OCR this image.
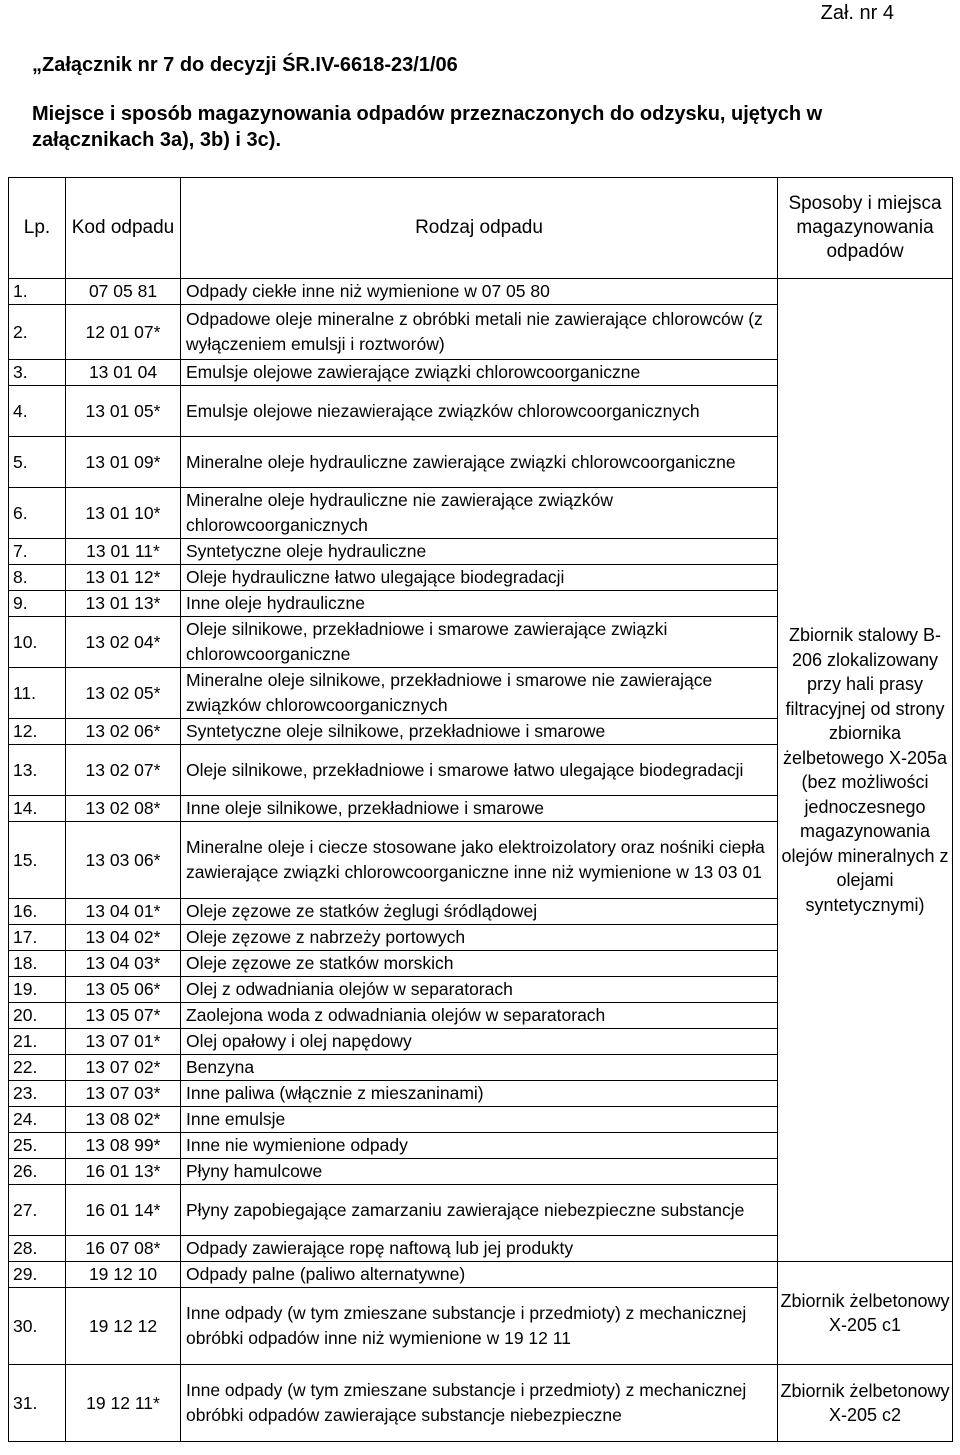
Zał. nr 4
„Załącznik nr 7 do decyzji ŚR.IV-6618-23/1/06
Miejsce i sposób magazynowania odpadów przeznaczonych do odzysku, ujętych w załącznikach 3a), 3b) i 3c).
Lp.	Kod odpadu	Rodzaj odpadu	Sposoby i miejsca magazynowania odpadów
1.	07 05 81	Odpady ciekłe inne niż wymienione w 07 05 80	Zbiornik stalowy B-206 zlokalizowany przy hali prasy filtracyjnej od strony zbiornika żelbetowego X-205a (bez możliwości jednoczesnego magazynowania olejów mineralnych z olejami syntetycznymi)
2.	12 01 07*	Odpadowe oleje mineralne z obróbki metali nie zawierające chlorowców (z wyłączeniem emulsji i roztworów)	
3.	13 01 04	Emulsje olejowe zawierające związki chlorowcoorganiczne	
4.	13 01 05*	Emulsje olejowe niezawierające związków chlorowcoorganicznych	
5.	13 01 09*	Mineralne oleje hydrauliczne zawierające związki chlorowcoorganiczne	
6.	13 01 10*	Mineralne oleje hydrauliczne nie zawierające związków chlorowcoorganicznych	
7.	13 01 11*	Syntetyczne oleje hydrauliczne	
8.	13 01 12*	Oleje hydrauliczne łatwo ulegające biodegradacji	
9.	13 01 13*	Inne oleje hydrauliczne	
10.	13 02 04*	Oleje silnikowe, przekładniowe i smarowe zawierające związki chlorowcoorganiczne	
11.	13 02 05*	Mineralne oleje silnikowe, przekładniowe i smarowe nie zawierające związków chlorowcoorganicznych	
12.	13 02 06*	Syntetyczne oleje silnikowe, przekładniowe i smarowe	
13.	13 02 07*	Oleje silnikowe, przekładniowe i smarowe łatwo ulegające biodegradacji	
14.	13 02 08*	Inne oleje silnikowe, przekładniowe i smarowe	
15.	13 03 06*	Mineralne oleje i ciecze stosowane jako elektroizolatory oraz nośniki ciepła zawierające związki chlorowcoorganiczne inne niż wymienione w 13 03 01	
16.	13 04 01*	Oleje zęzowe ze statków żeglugi śródlądowej	
17.	13 04 02*	Oleje zęzowe z nabrzeży portowych	
18.	13 04 03*	Oleje zęzowe ze statków morskich	
19.	13 05 06*	Olej z odwadniania olejów w separatorach	
20.	13 05 07*	Zaolejona woda z odwadniania olejów w separatorach	
21.	13 07 01*	Olej opałowy i olej napędowy	
22.	13 07 02*	Benzyna	
23.	13 07 03*	Inne paliwa (włącznie z mieszaninami)	
24.	13 08 02*	Inne emulsje	
25.	13 08 99*	Inne nie wymienione odpady	
26.	16 01 13*	Płyny hamulcowe	
27.	16 01 14*	Płyny zapobiegające zamarzaniu zawierające niebezpieczne substancje	
28.	16 07 08*	Odpady zawierające ropę naftową lub jej produkty	
29.	19 12 10	Odpady palne (paliwo alternatywne)	Zbiornik żelbetonowy X-205 c1
30.	19 12 12	Inne odpady (w tym zmieszane substancje i przedmioty) z mechanicznej obróbki odpadów inne niż wymienione w 19 12 11	
31.	19 12 11*	Inne odpady (w tym zmieszane substancje i przedmioty) z mechanicznej obróbki odpadów zawierające substancje niebezpieczne	Zbiornik żelbetonowy X-205 c2
